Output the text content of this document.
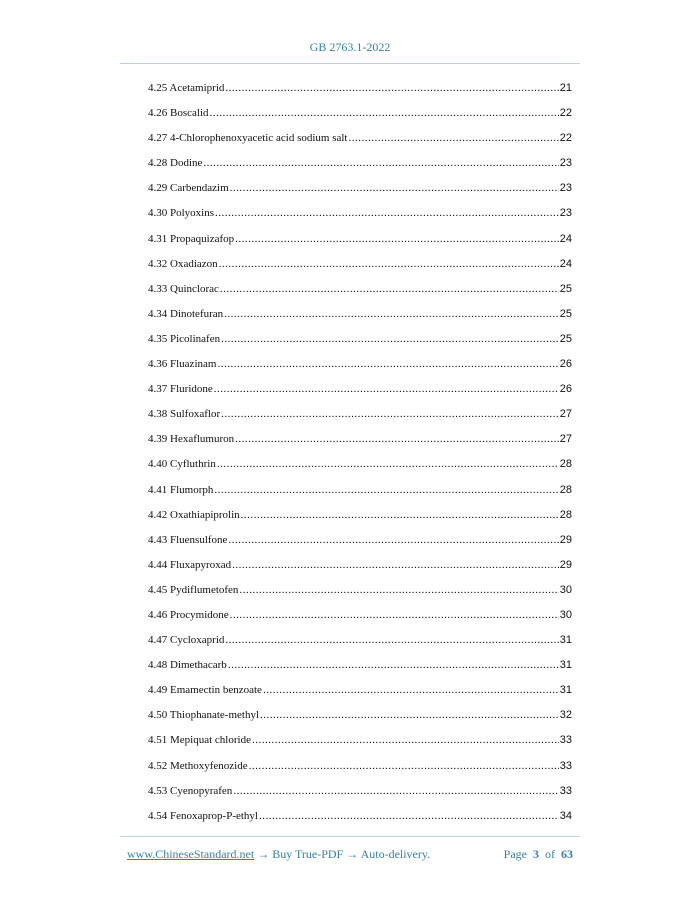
GB 2763.1-2022
4.25 Acetamiprid .....	21
4.26 Boscalid .....	22
4.27 4-Chlorophenoxyacetic acid sodium salt .....	22
4.28 Dodine .....	23
4.29 Carbendazim .....	23
4.30 Polyoxins .....	23
4.31 Propaquizafop .....	24
4.32 Oxadiazon .....	24
4.33 Quinclorac .....	25
4.34 Dinotefuran .....	25
4.35 Picolinafen .....	25
4.36 Fluazinam .....	26
4.37 Fluridone .....	26
4.38 Sulfoxaflor .....	27
4.39 Hexaflumuron .....	27
4.40 Cyfluthrin .....	28
4.41 Flumorph .....	28
4.42 Oxathiapiprolin .....	28
4.43 Fluensulfone .....	29
4.44 Fluxapyroxad .....	29
4.45 Pydiflumetofen .....	30
4.46 Procymidone .....	30
4.47 Cycloxaprid .....	31
4.48 Dimethacarb .....	31
4.49 Emamectin benzoate .....	31
4.50 Thiophanate-methyl .....	32
4.51 Mepiquat chloride .....	33
4.52 Methoxyfenozide .....	33
4.53 Cyenopyrafen .....	33
4.54 Fenoxaprop-P-ethyl .....	34
www.ChineseStandard.net → Buy True-PDF → Auto-delivery.	Page 3 of 63
